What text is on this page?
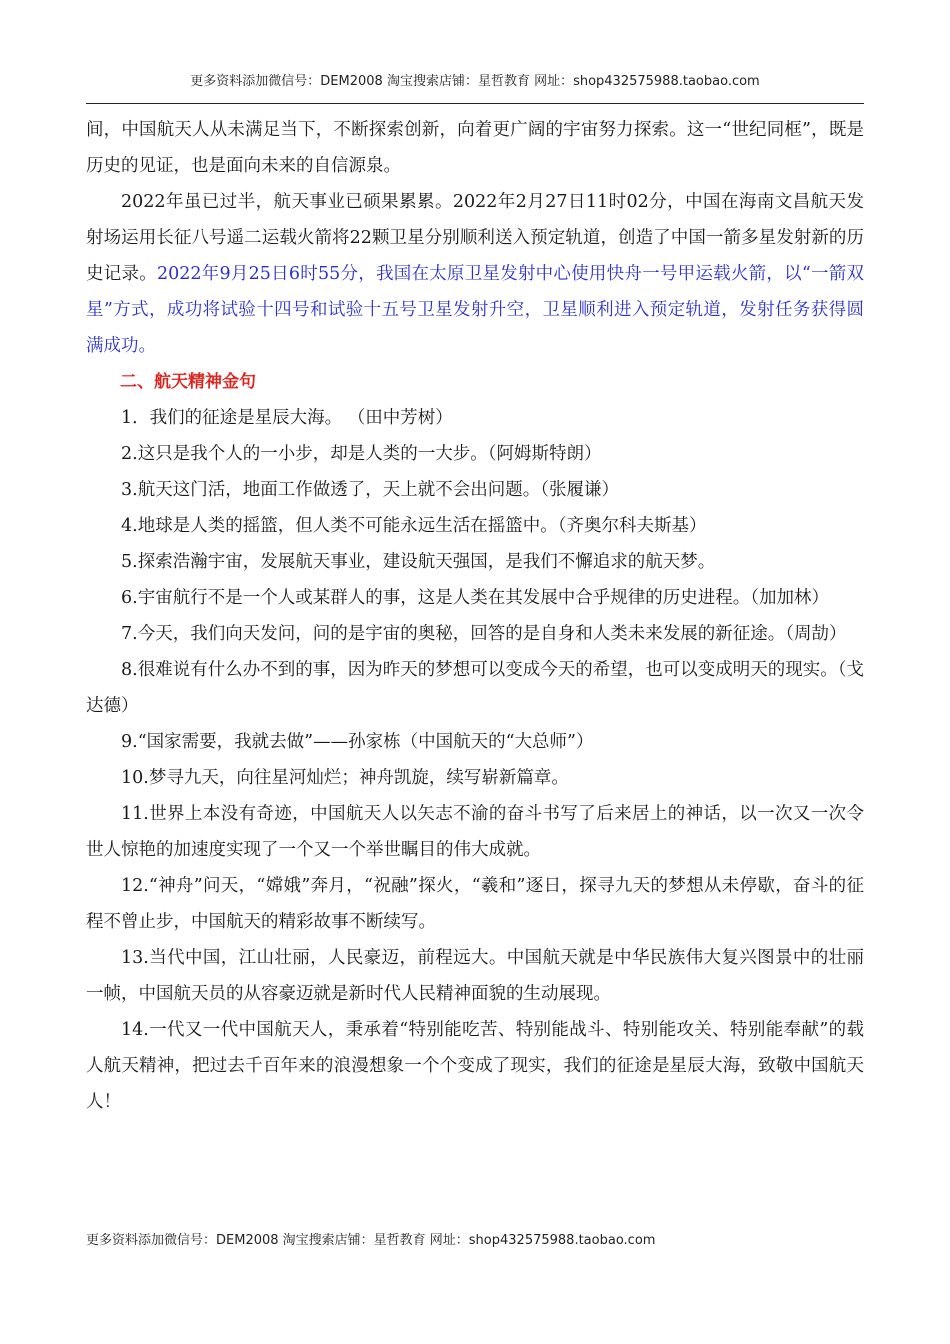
更多资料添加微信号：DEM2008 淘宝搜索店铺：星哲教育 网址：shop432575988.taobao.com

间，中国航天人从未满足当下，不断探索创新，向着更广阔的宇宙努力探索。这一“世纪同框”，既是历史的见证，也是面向未来的自信源泉。

2022年虽已过半，航天事业已硕果累累。2022年2月27日11时02分，中国在海南文昌航天发射场运用长征八号遥二运载火箭将22颗卫星分别顺利送入预定轨道，创造了中国一箭多星发射新的历史记录。2022年9月25日6时55分，我国在太原卫星发射中心使用快舟一号甲运载火箭，以“一箭双星”方式，成功将试验十四号和试验十五号卫星发射升空，卫星顺利进入预定轨道，发射任务获得圆满成功。

二、航天精神金句

1．我们的征途是星辰大海。 （田中芳树）

2.这只是我个人的一小步，却是人类的一大步。（阿姆斯特朗）

3.航天这门活，地面工作做透了，天上就不会出问题。（张履谦）

4.地球是人类的摇篮，但人类不可能永远生活在摇篮中。（齐奥尔科夫斯基）

5.探索浩瀚宇宙，发展航天事业，建设航天强国，是我们不懈追求的航天梦。

6.宇宙航行不是一个人或某群人的事，这是人类在其发展中合乎规律的历史进程。（加加林）

7.今天，我们向天发问，问的是宇宙的奥秘，回答的是自身和人类未来发展的新征途。（周劼）

8.很难说有什么办不到的事，因为昨天的梦想可以变成今天的希望，也可以变成明天的现实。（戈达德）

9.“国家需要，我就去做”——孙家栋（中国航天的“大总师”）

10.梦寻九天，向往星河灿烂；神舟凯旋，续写崭新篇章。

11.世界上本没有奇迹，中国航天人以矢志不渝的奋斗书写了后来居上的神话，以一次又一次令世人惊艳的加速度实现了一个又一个举世瞩目的伟大成就。

12.“神舟”问天，“嫦娥”奔月，“祝融”探火，“羲和”逐日，探寻九天的梦想从未停歇，奋斗的征程不曾止步，中国航天的精彩故事不断续写。

13.当代中国，江山壮丽，人民豪迈，前程远大。中国航天就是中华民族伟大复兴图景中的壮丽一帧，中国航天员的从容豪迈就是新时代人民精神面貌的生动展现。

14.一代又一代中国航天人，秉承着“特别能吃苦、特别能战斗、特别能攻关、特别能奉献”的载人航天精神，把过去千百年来的浪漫想象一个个变成了现实，我们的征途是星辰大海，致敬中国航天人！

更多资料添加微信号：DEM2008 淘宝搜索店铺：星哲教育 网址：shop432575988.taobao.com
